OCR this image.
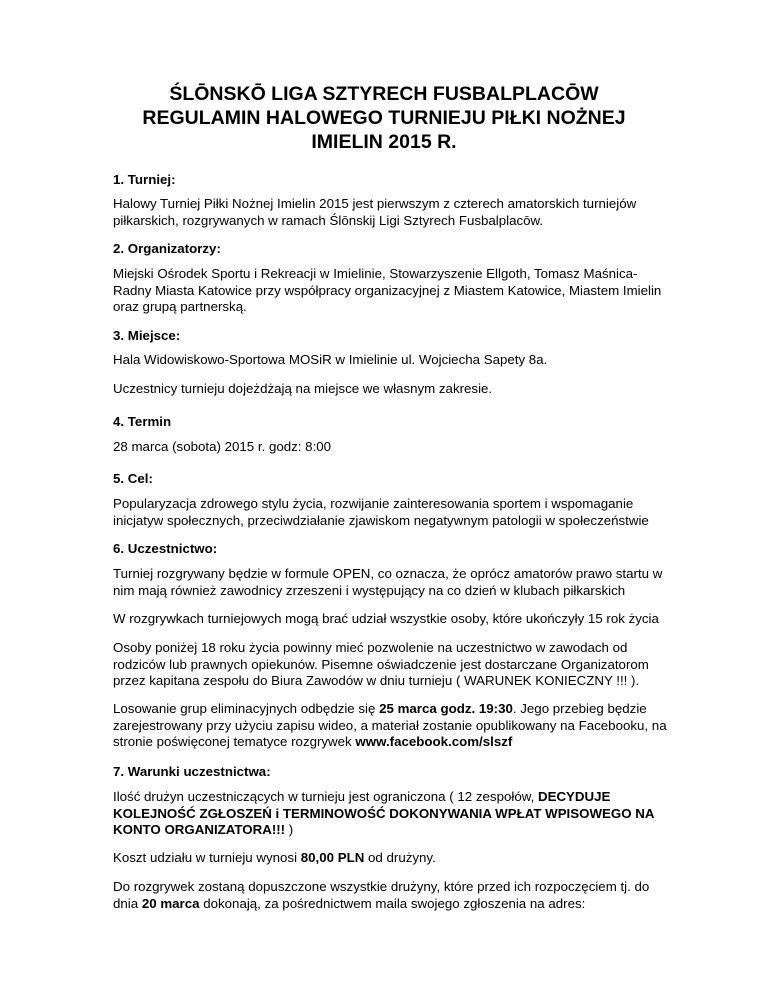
ŚLŌNSKŌ LIGA SZTYRECH FUSBALPLACŌW
REGULAMIN HALOWEGO TURNIEJU PIŁKI NOŻNEJ
IMIELIN 2015 R.

1. Turniej:

Halowy Turniej Piłki Nożnej Imielin 2015 jest pierwszym z czterech amatorskich turniejów piłkarskich, rozgrywanych w ramach Ślōnskij Ligi Sztyrech Fusbalplacōw.

2. Organizatorzy:

Miejski Ośrodek Sportu i Rekreacji w Imielinie, Stowarzyszenie Ellgoth, Tomasz Maśnica-Radny Miasta Katowice przy współpracy organizacyjnej z Miastem Katowice, Miastem Imielin oraz grupą partnerską.

3. Miejsce:

Hala Widowiskowo-Sportowa MOSiR w Imielinie ul. Wojciecha Sapety 8a.

Uczestnicy turnieju dojeżdżają na miejsce we własnym zakresie.

4. Termin

28 marca (sobota) 2015 r. godz: 8:00

5. Cel:

Popularyzacja zdrowego stylu życia, rozwijanie zainteresowania sportem i wspomaganie inicjatyw społecznych, przeciwdziałanie zjawiskom negatywnym patologii w społeczeństwie

6. Uczestnictwo:

Turniej rozgrywany będzie w formule OPEN, co oznacza, że oprócz amatorów prawo startu w nim mają również zawodnicy zrzeszeni i występujący na co dzień w klubach piłkarskich

W rozgrywkach turniejowych mogą brać udział wszystkie osoby, które ukończyły 15 rok życia

Osoby poniżej 18 roku życia powinny mieć pozwolenie na uczestnictwo w zawodach od rodziców lub prawnych opiekunów. Pisemne oświadczenie jest dostarczane Organizatorom przez kapitana zespołu do Biura Zawodów w dniu turnieju ( WARUNEK KONIECZNY !!! ).

Losowanie grup eliminacyjnych odbędzie się 25 marca godz. 19:30. Jego przebieg będzie zarejestrowany przy użyciu zapisu wideo, a materiał zostanie opublikowany na Facebooku, na stronie poświęconej tematyce rozgrywek www.facebook.com/slszf

7. Warunki uczestnictwa:

Ilość drużyn uczestniczących w turnieju jest ograniczona ( 12 zespołów, DECYDUJE KOLEJNOŚĆ ZGŁOSZEŃ i TERMINOWOŚĆ DOKONYWANIA WPŁAT WPISOWEGO NA KONTO ORGANIZATORA!!! )

Koszt udziału w turnieju wynosi 80,00 PLN od drużyny.

Do rozgrywek zostaną dopuszczone wszystkie drużyny, które przed ich rozpoczęciem tj. do dnia 20 marca dokonają, za pośrednictwem maila swojego zgłoszenia na adres:
